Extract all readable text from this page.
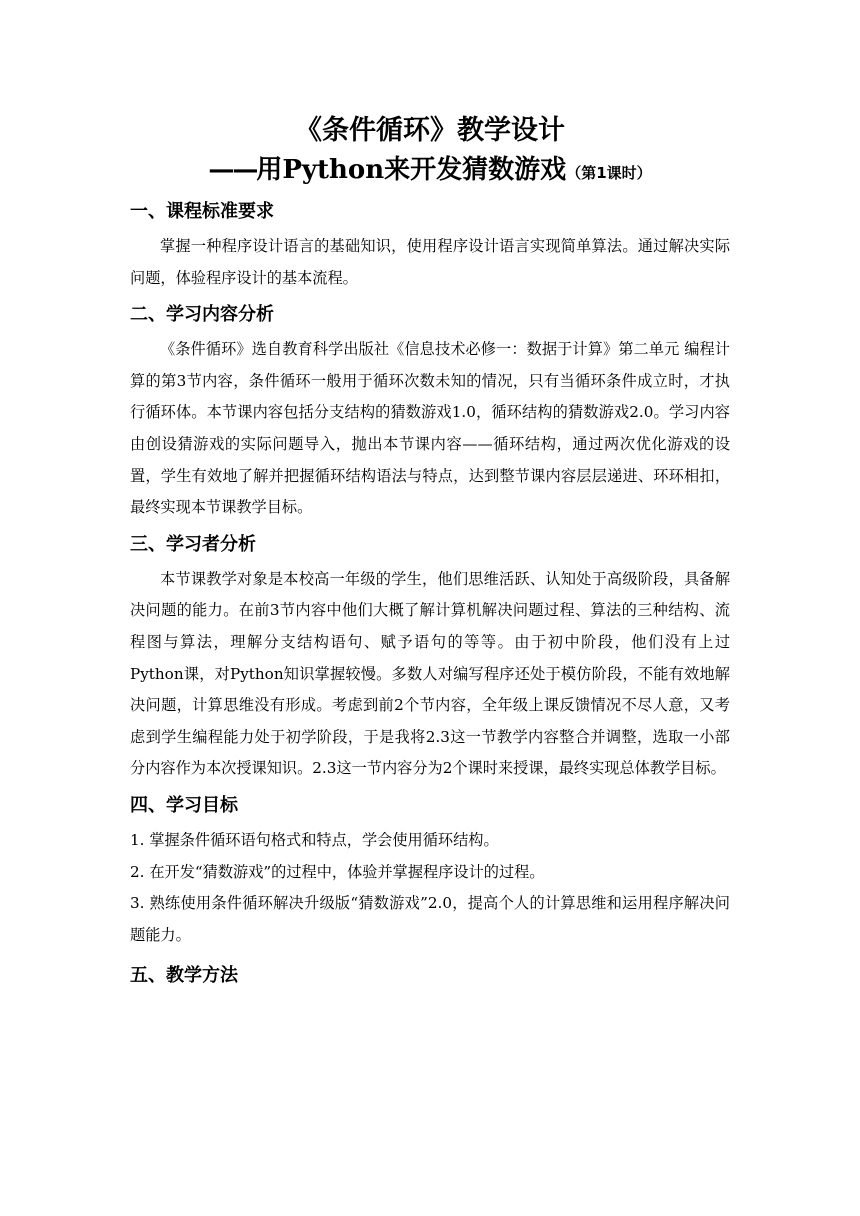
《条件循环》教学设计
——用Python来开发猜数游戏（第1课时）
一、课程标准要求

掌握一种程序设计语言的基础知识，使用程序设计语言实现简单算法。通过解决实际问题，体验程序设计的基本流程。

二、学习内容分析

《条件循环》选自教育科学出版社《信息技术必修一：数据于计算》第二单元 编程计算的第3节内容，条件循环一般用于循环次数未知的情况，只有当循环条件成立时，才执行循环体。本节课内容包括分支结构的猜数游戏1.0，循环结构的猜数游戏2.0。学习内容由创设猜游戏的实际问题导入，抛出本节课内容——循环结构，通过两次优化游戏的设置，学生有效地了解并把握循环结构语法与特点，达到整节课内容层层递进、环环相扣，最终实现本节课教学目标。

三、学习者分析

本节课教学对象是本校高一年级的学生，他们思维活跃、认知处于高级阶段，具备解决问题的能力。在前3节内容中他们大概了解计算机解决问题过程、算法的三种结构、流程图与算法，理解分支结构语句、赋予语句的等等。由于初中阶段，他们没有上过Python课，对Python知识掌握较慢。多数人对编写程序还处于模仿阶段，不能有效地解决问题，计算思维没有形成。考虑到前2个节内容，全年级上课反馈情况不尽人意，又考虑到学生编程能力处于初学阶段，于是我将2.3这一节教学内容整合并调整，选取一小部分内容作为本次授课知识。2.3这一节内容分为2个课时来授课，最终实现总体教学目标。

四、学习目标

1. 掌握条件循环语句格式和特点，学会使用循环结构。

2. 在开发“猜数游戏”的过程中，体验并掌握程序设计的过程。

3. 熟练使用条件循环解决升级版“猜数游戏”2.0，提高个人的计算思维和运用程序解决问题能力。

五、教学方法
